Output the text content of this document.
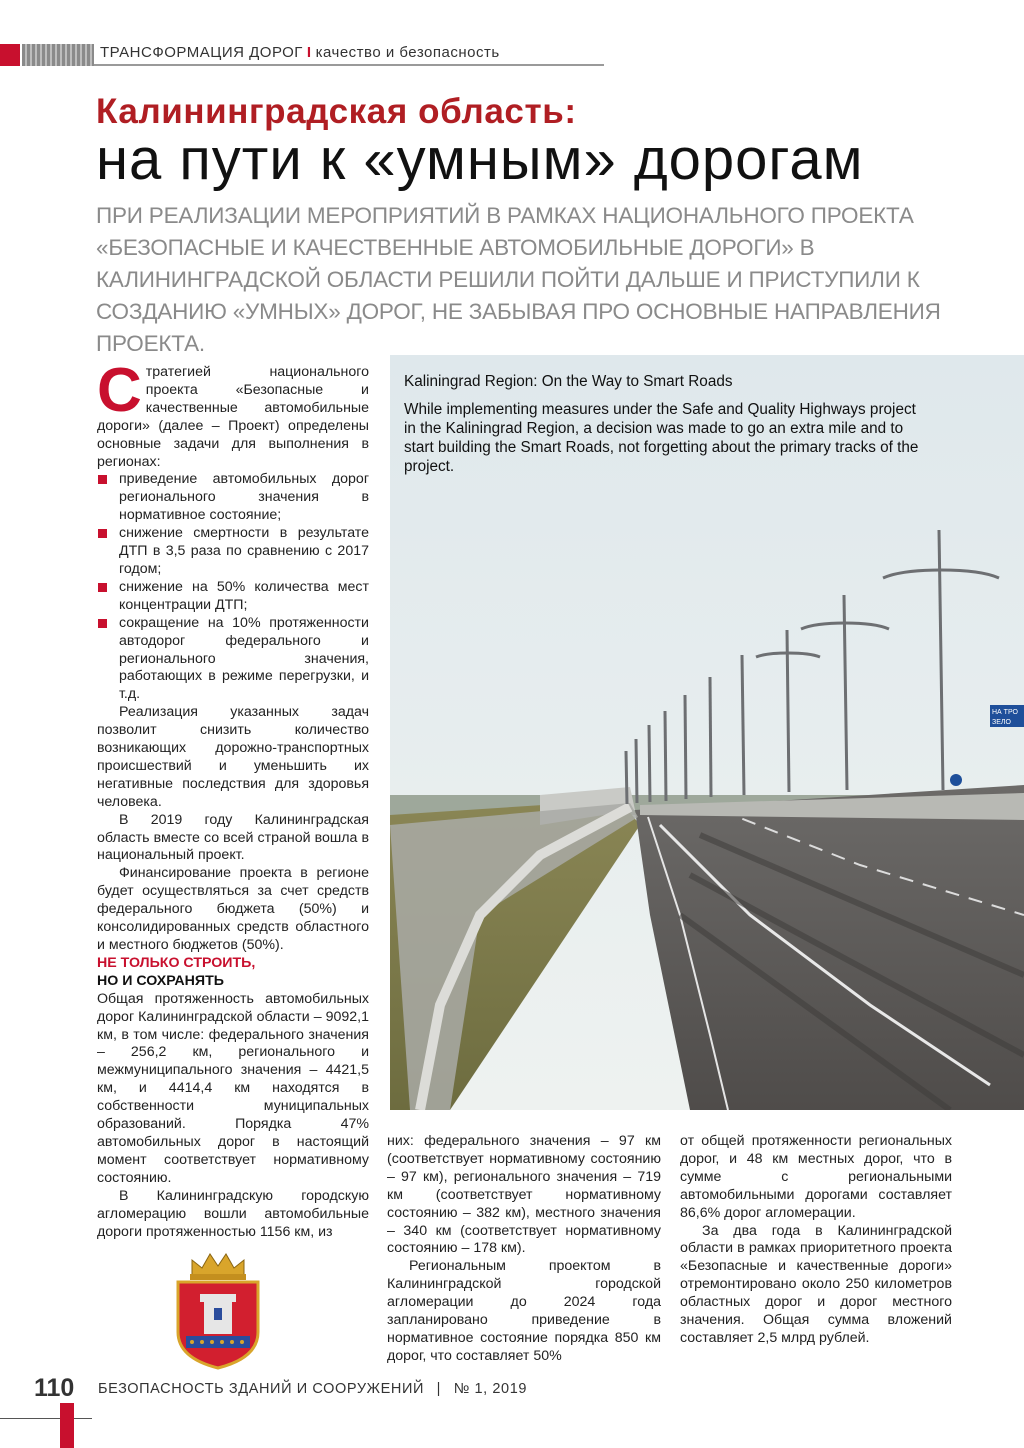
ТРАНСФОРМАЦИЯ ДОРОГ I качество и безопасность
Калининградская область:
на пути к «умным» дорогам
ПРИ РЕАЛИЗАЦИИ МЕРОПРИЯТИЙ В РАМКАХ НАЦИОНАЛЬНОГО ПРОЕКТА «БЕЗОПАСНЫЕ И КАЧЕСТВЕННЫЕ АВТОМОБИЛЬНЫЕ ДОРОГИ» В КАЛИНИНГРАДСКОЙ ОБЛАСТИ РЕШИЛИ ПОЙТИ ДАЛЬШЕ И ПРИСТУПИЛИ К СОЗДАНИЮ «УМНЫХ» ДОРОГ, НЕ ЗАБЫВАЯ ПРО ОСНОВНЫЕ НАПРАВЛЕНИЯ ПРОЕКТА.

Стратегией национального проекта «Безопасные и качественные автомобильные дороги» (далее – Проект) определены основные задачи для выполнения в регионах:

приведение автомобильных дорог регионального значения в нормативное состояние;

снижение смертности в результате ДТП в 3,5 раза по сравнению с 2017 годом;

снижение на 50% количества мест концентрации ДТП;

сокращение на 10% протяженности автодорог федерального и регионального значения, работающих в режиме перегрузки, и т.д.

Реализация указанных задач позволит снизить количество возникающих дорожно-транспортных происшествий и уменьшить их негативные последствия для здоровья человека.

В 2019 году Калининградская область вместе со всей страной вошла в национальный проект.

Финансирование проекта в регионе будет осуществляться за счет средств федерального бюджета (50%) и консолидированных средств областного и местного бюджетов (50%).

НЕ ТОЛЬКО СТРОИТЬ,

НО И СОХРАНЯТЬ

Общая протяженность автомобильных дорог Калининградской области – 9092,1 км, в том числе: федерального значения – 256,2 км, регионального и межмуниципального значения – 4421,5 км, и 4414,4 км находятся в собственности муниципальных образований. Порядка 47% автомобильных дорог в настоящий момент соответствует нормативному состоянию.

В Калининградскую городскую агломерацию вошли автомобильные дороги протяженностью 1156 км, из

НА ТРО
ЗЕЛО
Kaliningrad Region: On the Way to Smart Roads
While implementing measures under the Safe and Quality Highways project in the Kaliningrad Region, a decision was made to go an extra mile and to start building the Smart Roads, not forgetting about the primary tracks of the project.

них: федерального значения – 97 км (соответствует нормативному состоянию – 97 км), регионального значения – 719 км (соответствует нормативному состоянию – 382 км), местного значения – 340 км (соответствует нормативному состоянию – 178 км).

Региональным проектом в Калининградской городской агломерации до 2024 года запланировано приведение в нормативное состояние порядка 850 км дорог, что составляет 50%

от общей протяженности региональных дорог, и 48 км местных дорог, что в сумме с региональными автомобильными дорогами составляет 86,6% дорог агломерации.

За два года в Калининградской области в рамках приоритетного проекта «Безопасные и качественные дороги» отремонтировано около 250 километров областных дорог и дорог местного значения. Общая сумма вложений составляет 2,5 млрд рублей.

110 БЕЗОПАСНОСТЬ ЗДАНИЙ И СООРУЖЕНИЙ | № 1, 2019
